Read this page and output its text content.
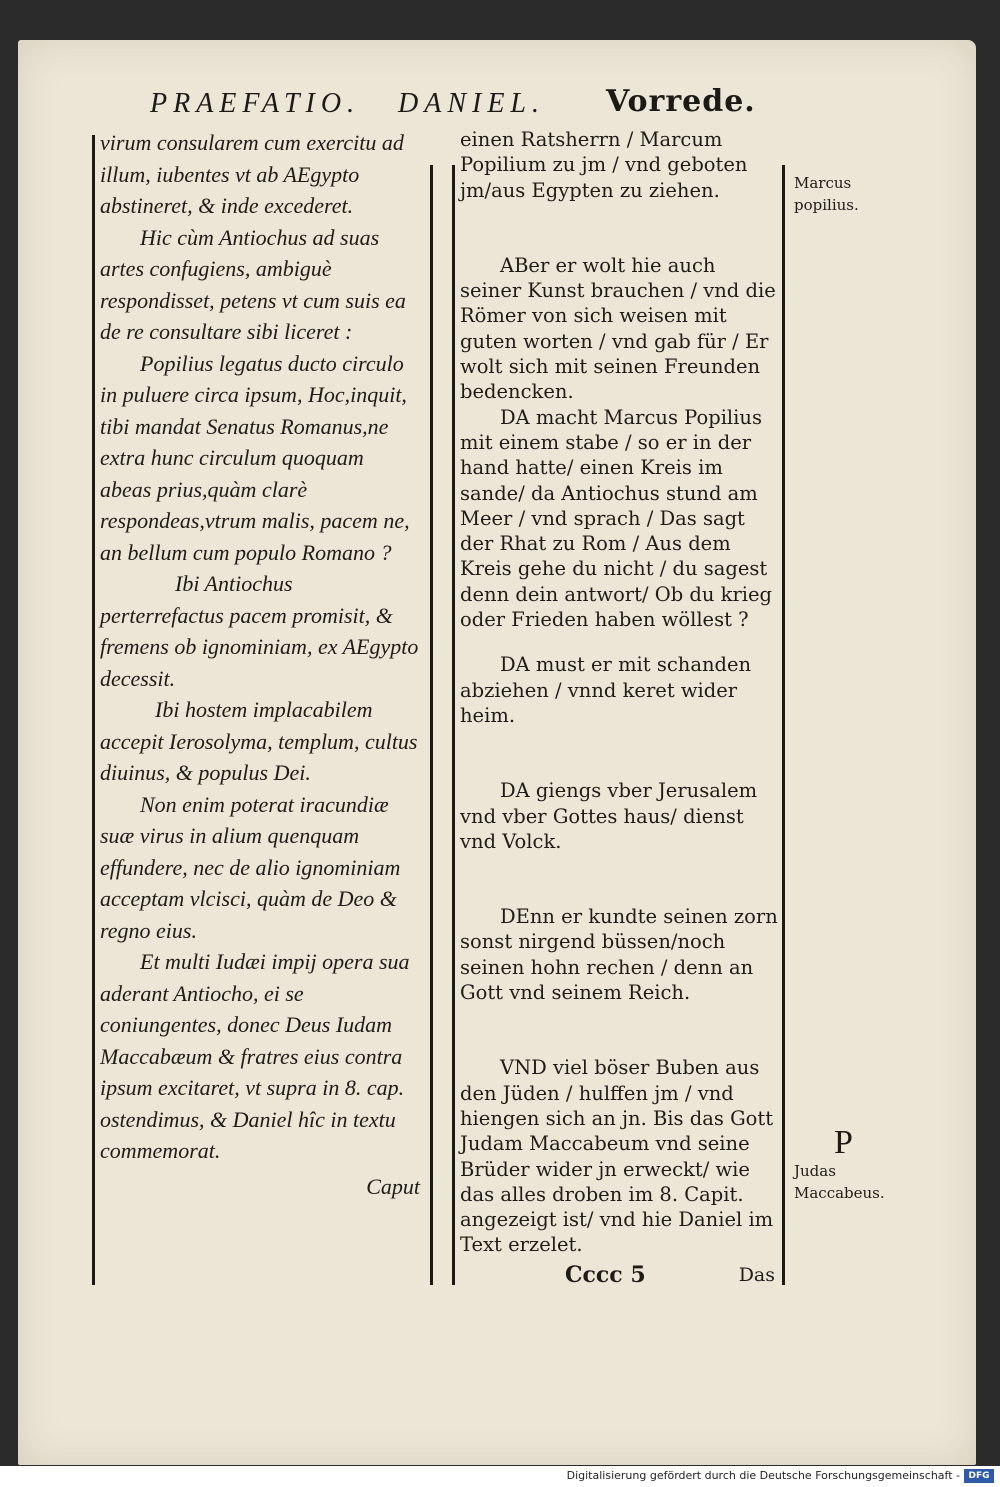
PRAEFATIO. DANIEL. Vorrede.

virum consularem cum exercitu ad illum, iubentes vt ab AEgypto abstineret, & inde excederet.

Hic cùm Antiochus ad suas artes confugiens, ambiguè respondisset, petens vt cum suis ea de re consultare sibi liceret :

Popilius legatus ducto circulo in puluere circa ipsum, Hoc,inquit, tibi mandat Senatus Romanus,ne extra hunc circulum quoquam abeas prius,quàm clarè respondeas,vtrum malis, pacem ne, an bellum cum populo Romano ?

Ibi Antiochus perterrefactus pacem promisit, & fremens ob ignominiam, ex AEgypto decessit.

Ibi hostem implacabilem accepit Ierosolyma, templum, cultus diuinus, & populus Dei.

Non enim poterat iracundiæ suæ virus in alium quenquam effundere, nec de alio ignominiam acceptam vlcisci, quàm de Deo & regno eius.

Et multi Iudæi impij opera sua aderant Antiocho, ei se coniungentes, donec Deus Iudam Maccabæum & fratres eius contra ipsum excitaret, vt supra in 8. cap. ostendimus, & Daniel hîc in textu commemorat.

Caput

einen Ratsherrn / Marcum Popilium zu jm / vnd geboten jm/aus Egypten zu ziehen.

ABer er wolt hie auch seiner Kunst brauchen / vnd die Römer von sich weisen mit guten worten / vnd gab für / Er wolt sich mit seinen Freunden bedencken.

DA macht Marcus Popilius mit einem stabe / so er in der hand hatte/ einen Kreis im sande/ da Antiochus stund am Meer / vnd sprach / Das sagt der Rhat zu Rom / Aus dem Kreis gehe du nicht / du sagest denn dein antwort/ Ob du krieg oder Frieden haben wöllest ?

DA must er mit schanden abziehen / vnnd keret wider heim.

DA giengs vber Jerusalem vnd vber Gottes haus/ dienst vnd Volck.

DEnn er kundte seinen zorn sonst nirgend büssen/noch seinen hohn rechen / denn an Gott vnd seinem Reich.

VND viel böser Buben aus den Jüden / hulffen jm / vnd hiengen sich an jn. Bis das Gott Judam Maccabeum vnd seine Brüder wider jn erweckt/ wie das alles droben im 8. Capit. angezeigt ist/ vnd hie Daniel im Text erzelet.

Cccc 5	Das
Marcus popilius.
P
Judas Maccabeus.
Digitalisierung gefördert durch die Deutsche Forschungsgemeinschaft - DFG
